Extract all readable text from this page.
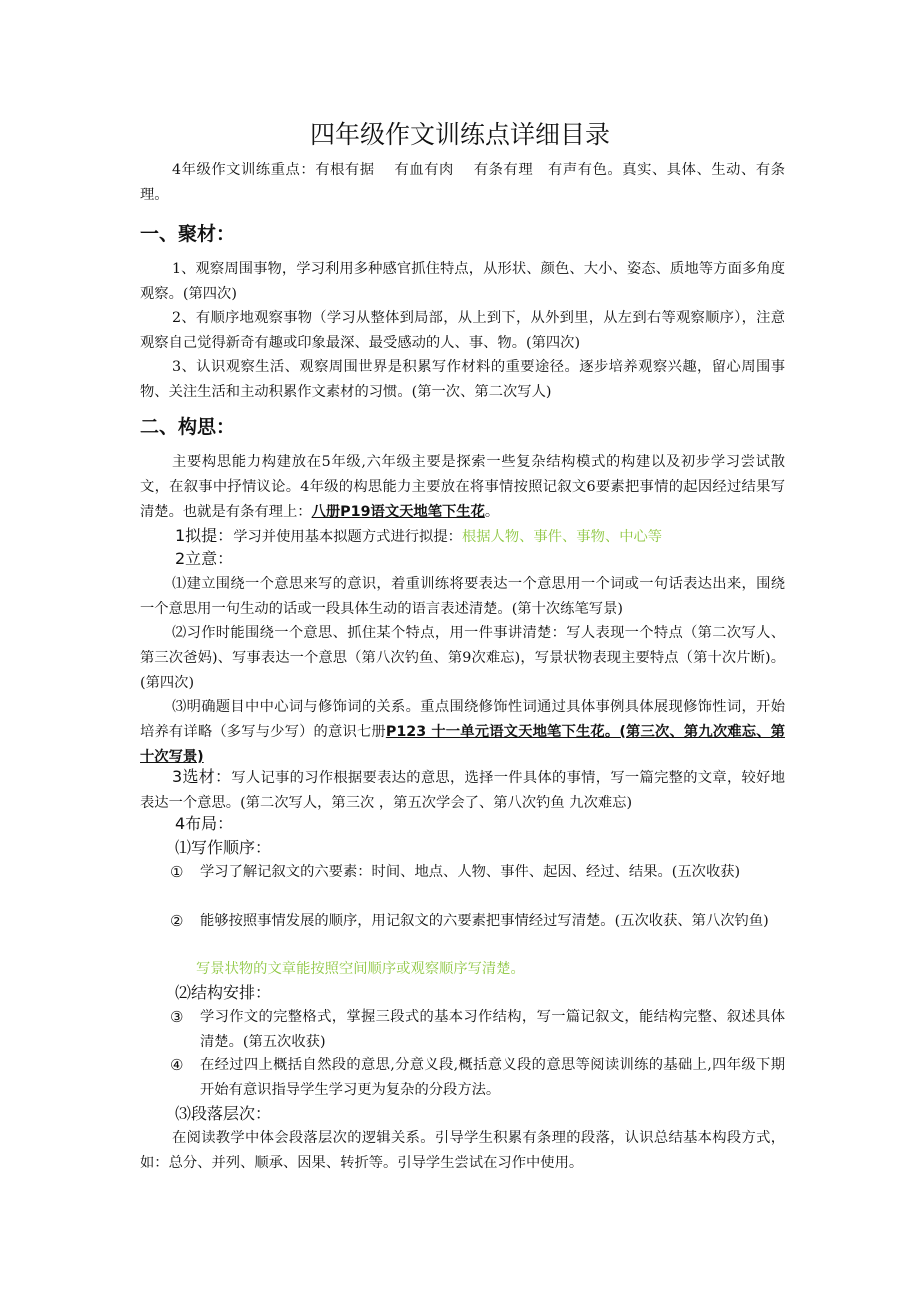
四年级作文训练点详细目录
4年级作文训练重点：有根有据　 有血有肉　 有条有理　有声有色。真实、具体、生动、有条理。
一、聚材：
1、观察周围事物，学习利用多种感官抓住特点，从形状、颜色、大小、姿态、质地等方面多角度观察。(第四次)
2、有顺序地观察事物（学习从整体到局部，从上到下，从外到里，从左到右等观察顺序），注意观察自己觉得新奇有趣或印象最深、最受感动的人、事、物。(第四次)
3、认识观察生活、观察周围世界是积累写作材料的重要途径。逐步培养观察兴趣，留心周围事物、关注生活和主动积累作文素材的习惯。(第一次、第二次写人)
二、构思：
主要构思能力构建放在5年级,六年级主要是探索一些复杂结构模式的构建以及初步学习尝试散文，在叙事中抒情议论。4年级的构思能力主要放在将事情按照记叙文6要素把事情的起因经过结果写清楚。也就是有条有理上：八册P19语文天地笔下生花。
1拟提：学习并使用基本拟题方式进行拟提：根据人物、事件、事物、中心等
2立意：
⑴建立围绕一个意思来写的意识，着重训练将要表达一个意思用一个词或一句话表达出来，围绕一个意思用一句生动的话或一段具体生动的语言表述清楚。(第十次练笔写景)
⑵习作时能围绕一个意思、抓住某个特点，用一件事讲清楚：写人表现一个特点（第二次写人、第三次爸妈)、写事表达一个意思（第八次钓鱼、第9次难忘)，写景状物表现主要特点（第十次片断)。(第四次)
⑶明确题目中中心词与修饰词的关系。重点围绕修饰性词通过具体事例具体展现修饰性词，开始培养有详略（多写与少写）的意识七册P123 十一单元语文天地笔下生花。(第三次、第九次难忘、第十次写景)
3选材：写人记事的习作根据要表达的意思，选择一件具体的事情，写一篇完整的文章，较好地表达一个意思。(第二次写人，第三次 ，第五次学会了、第八次钓鱼 九次难忘)
4布局：
⑴写作顺序：
① 学习了解记叙文的六要素：时间、地点、人物、事件、起因、经过、结果。(五次收获)
② 能够按照事情发展的顺序，用记叙文的六要素把事情经过写清楚。(五次收获、第八次钓鱼)
写景状物的文章能按照空间顺序或观察顺序写清楚。
⑵结构安排：
③ 学习作文的完整格式，掌握三段式的基本习作结构，写一篇记叙文，能结构完整、叙述具体清楚。(第五次收获)
④ 在经过四上概括自然段的意思,分意义段,概括意义段的意思等阅读训练的基础上,四年级下期开始有意识指导学生学习更为复杂的分段方法。
⑶段落层次：
在阅读教学中体会段落层次的逻辑关系。引导学生积累有条理的段落，认识总结基本构段方式，如：总分、并列、顺承、因果、转折等。引导学生尝试在习作中使用。
